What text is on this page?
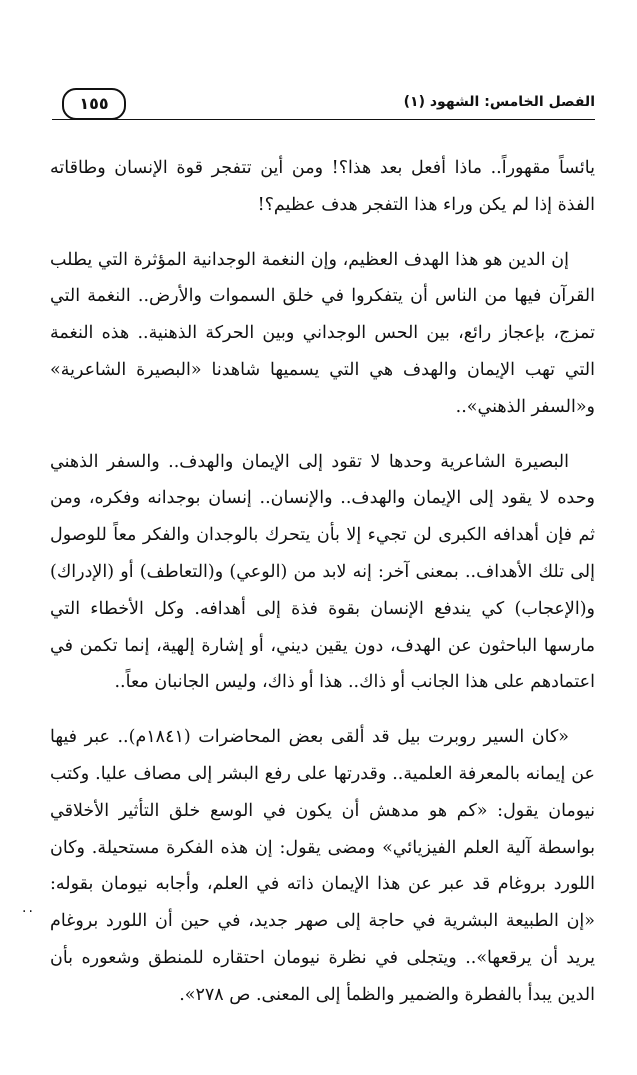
الفصل الخامس: الشهود (١)
١٥٥

يائساً مقهوراً.. ماذا أفعل بعد هذا؟! ومن أين تتفجر قوة الإنسان وطاقاته الفذة إذا لم يكن وراء هذا التفجر هدف عظيم؟!

إن الدين هو هذا الهدف العظيم، وإن النغمة الوجدانية المؤثرة التي يطلب القرآن فيها من الناس أن يتفكروا في خلق السموات والأرض.. النغمة التي تمزج، بإعجاز رائع، بين الحس الوجداني وبين الحركة الذهنية.. هذه النغمة التي تهب الإيمان والهدف هي التي يسميها شاهدنا «البصيرة الشاعرية» و«السفر الذهني»..

البصيرة الشاعرية وحدها لا تقود إلى الإيمان والهدف.. والسفر الذهني وحده لا يقود إلى الإيمان والهدف.. والإنسان.. إنسان بوجدانه وفكره، ومن ثم فإن أهدافه الكبرى لن تجيء إلا بأن يتحرك بالوجدان والفكر معاً للوصول إلى تلك الأهداف.. بمعنى آخر: إنه لابد من (الوعي) و(التعاطف) أو (الإدراك) و(الإعجاب) كي يندفع الإنسان بقوة فذة إلى أهدافه. وكل الأخطاء التي مارسها الباحثون عن الهدف، دون يقين ديني، أو إشارة إلهية، إنما تكمن في اعتمادهم على هذا الجانب أو ذاك.. هذا أو ذاك، وليس الجانبان معاً..

«كان السير روبرت بيل قد ألقى بعض المحاضرات (١٨٤١م).. عبر فيها عن إيمانه بالمعرفة العلمية.. وقدرتها على رفع البشر إلى مصاف عليا. وكتب نيومان يقول: «كم هو مدهش أن يكون في الوسع خلق التأثير الأخلاقي بواسطة آلية العلم الفيزيائي» ومضى يقول: إن هذه الفكرة مستحيلة. وكان اللورد بروغام قد عبر عن هذا الإيمان ذاته في العلم، وأجابه نيومان بقوله: «إن الطبيعة البشرية في حاجة إلى صهر جديد، في حين أن اللورد بروغام يريد أن يرقعها».. ويتجلى في نظرة نيومان احتقاره للمنطق وشعوره بأن الدين يبدأ بالفطرة والضمير والظمأ إلى المعنى. ص ٢٧٨».

..
